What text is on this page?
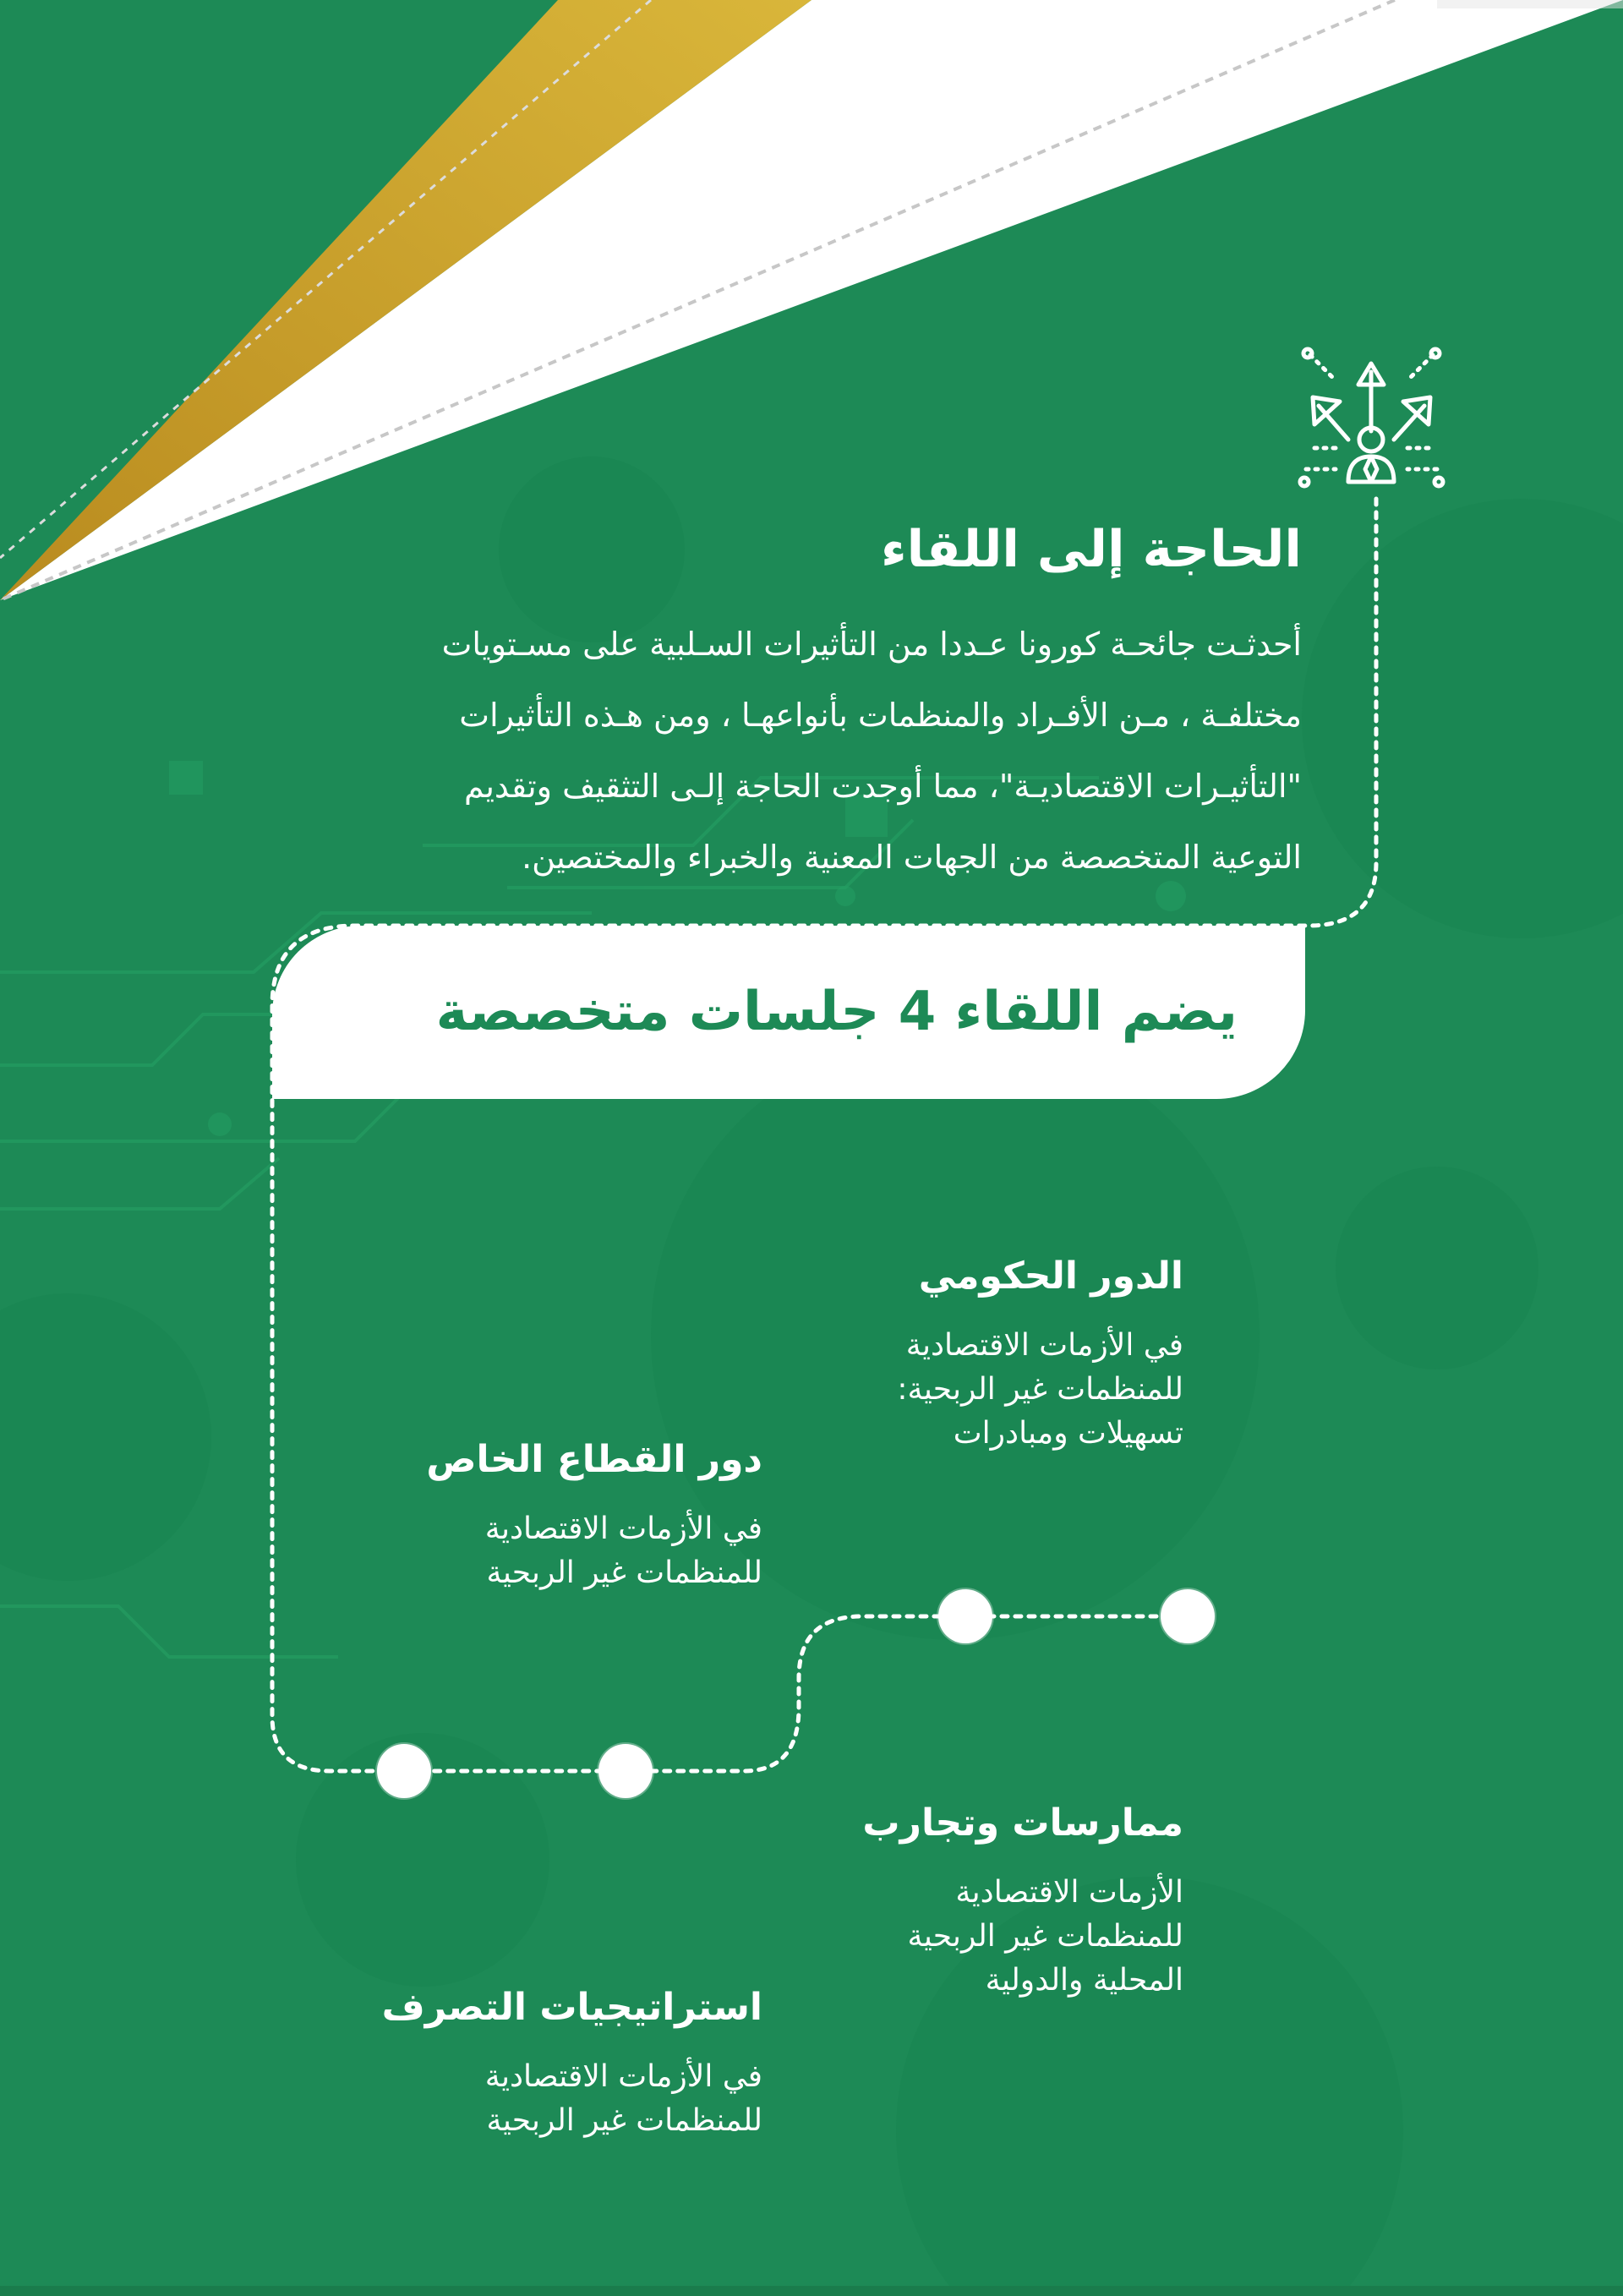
الحاجة إلى اللقاء
أحدثـت جائحـة كورونا عـددا من التأثيرات السـلبية على مسـتويات
مختلفـة ، مـن الأفـراد والمنظمات بأنواعهـا ، ومن هـذه التأثيرات
"التأثيـرات الاقتصاديـة"، مما أوجدت الحاجة إلـى التثقيف وتقديم
التوعية المتخصصة من الجهات المعنية والخبراء والمختصين.
يضم اللقاء 4 جلسات متخصصة
الدور الحكومي

في الأزمات الاقتصادية
للمنظمات غير الربحية:
تسهيلات ومبادرات

دور القطاع الخاص

في الأزمات الاقتصادية
للمنظمات غير الربحية

ممارسات وتجارب

الأزمات الاقتصادية
للمنظمات غير الربحية
المحلية والدولية

استراتيجيات التصرف

في الأزمات الاقتصادية
للمنظمات غير الربحية
